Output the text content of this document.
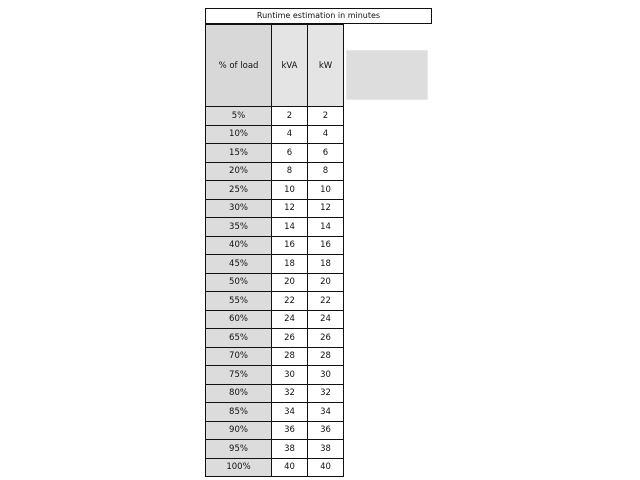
Runtime estimation in minutes
% of load	kVA	kW
5%	2	2
10%	4	4
15%	6	6
20%	8	8
25%	10	10
30%	12	12
35%	14	14
40%	16	16
45%	18	18
50%	20	20
55%	22	22
60%	24	24
65%	26	26
70%	28	28
75%	30	30
80%	32	32
85%	34	34
90%	36	36
95%	38	38
100%	40	40
